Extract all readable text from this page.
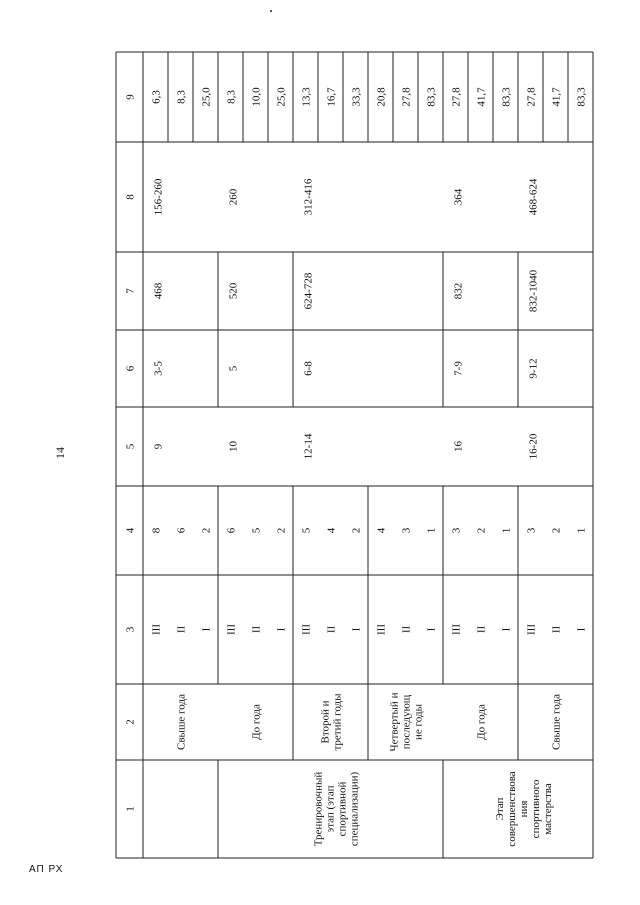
14
АП РХ
1
2
3
4
5
6
7
8
9
III
8
6,3
II
6
8,3
I
2
25,0
Свыше года
9
3-5
468
156-260
III
6
8,3
II
5
10,0
I
2
25,0
До года
10
5
520
260
III
5
13,3
II
4
16,7
I
2
33,3
Второй и третий годы
12-14
6-8
624-728
312-416
III
4
20,8
II
3
27,8
I
1
83,3
Четвертый и последующ ие годы
Тренировочный этап (этап спортивной специализации)
III
3
27,8
II
2
41,7
I
1
83,3
До года
16
7-9
832
364
III
3
27,8
II
2
41,7
I
1
83,3
Свыше года
16-20
9-12
832-1040
468-624
Этап совершенствова ния спортивного мастерства
